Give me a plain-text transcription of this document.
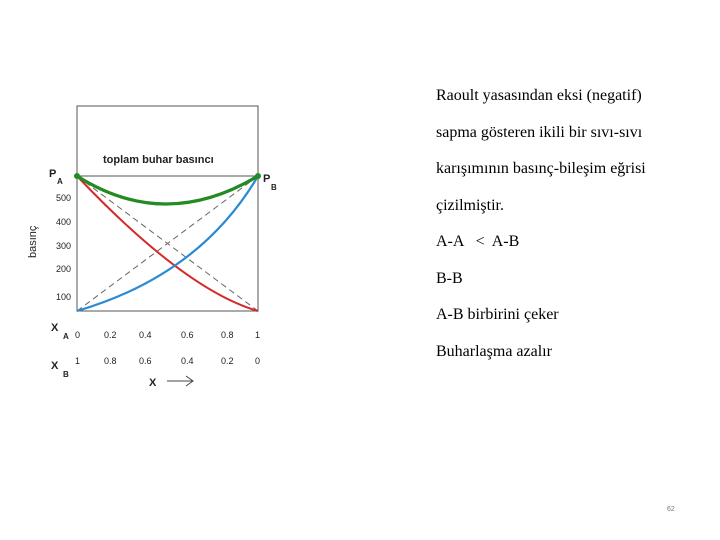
toplam buhar basıncı
P
A	P
B
basınç
500
400
300
200
100
X
A 0	0.2 0.4	0.6	0.8 1
X
B
1	0.8 0.6	0.4	0.2 0
X
Raoult yasasından eksi (negatif)
sapma gösteren ikili bir sıvı-sıvı
karışımının basınç-bileşim eğrisi
çizilmiştir.
A-A < A-B
B-B
A-B birbirini çeker
Buharlaşma azalır
62
